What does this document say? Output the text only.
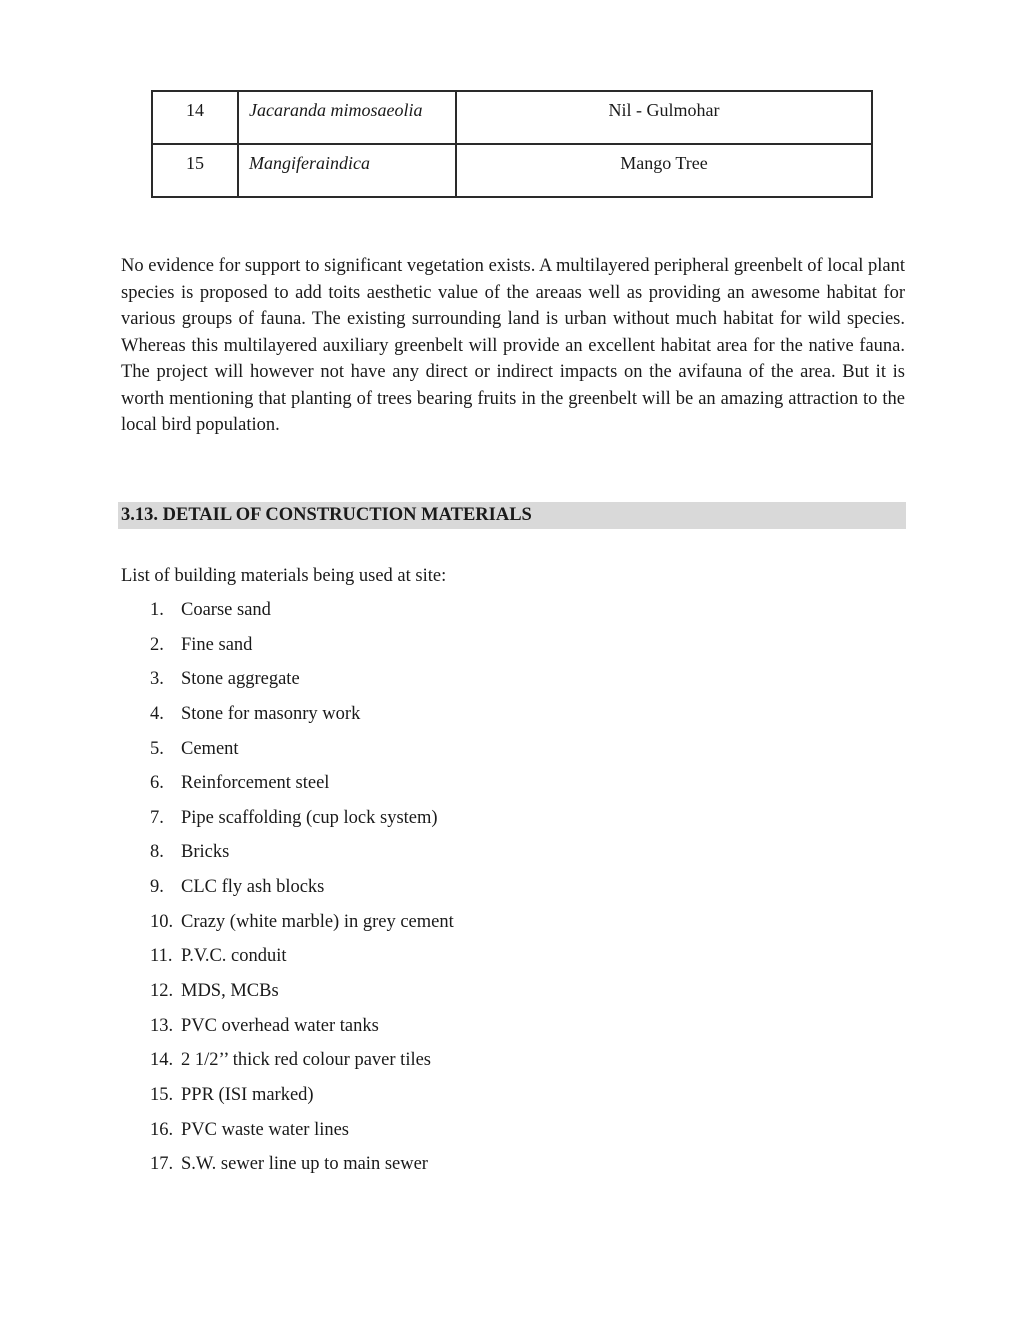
14	Jacaranda mimosaeolia	Nil - Gulmohar
15	Mangiferaindica	Mango Tree

No evidence for support to significant vegetation exists. A multilayered peripheral greenbelt of local plant species is proposed to add toits aesthetic value of the areaas well as providing an awesome habitat for various groups of fauna. The existing surrounding land is urban without much habitat for wild species. Whereas this multilayered auxiliary greenbelt will provide an excellent habitat area for the native fauna. The project will however not have any direct or indirect impacts on the avifauna of the area. But it is worth mentioning that planting of trees bearing fruits in the greenbelt will be an amazing attraction to the local bird population.

3.13. DETAIL OF CONSTRUCTION MATERIALS

List of building materials being used at site:

1. Coarse sand
2. Fine sand
3. Stone aggregate
4. Stone for masonry work
5. Cement
6. Reinforcement steel
7. Pipe scaffolding (cup lock system)
8. Bricks
9. CLC fly ash blocks
10. Crazy (white marble) in grey cement
11. P.V.C. conduit
12. MDS, MCBs
13. PVC overhead water tanks
14. 2 1/2’’ thick red colour paver tiles
15. PPR (ISI marked)
16. PVC waste water lines
17. S.W. sewer line up to main sewer
